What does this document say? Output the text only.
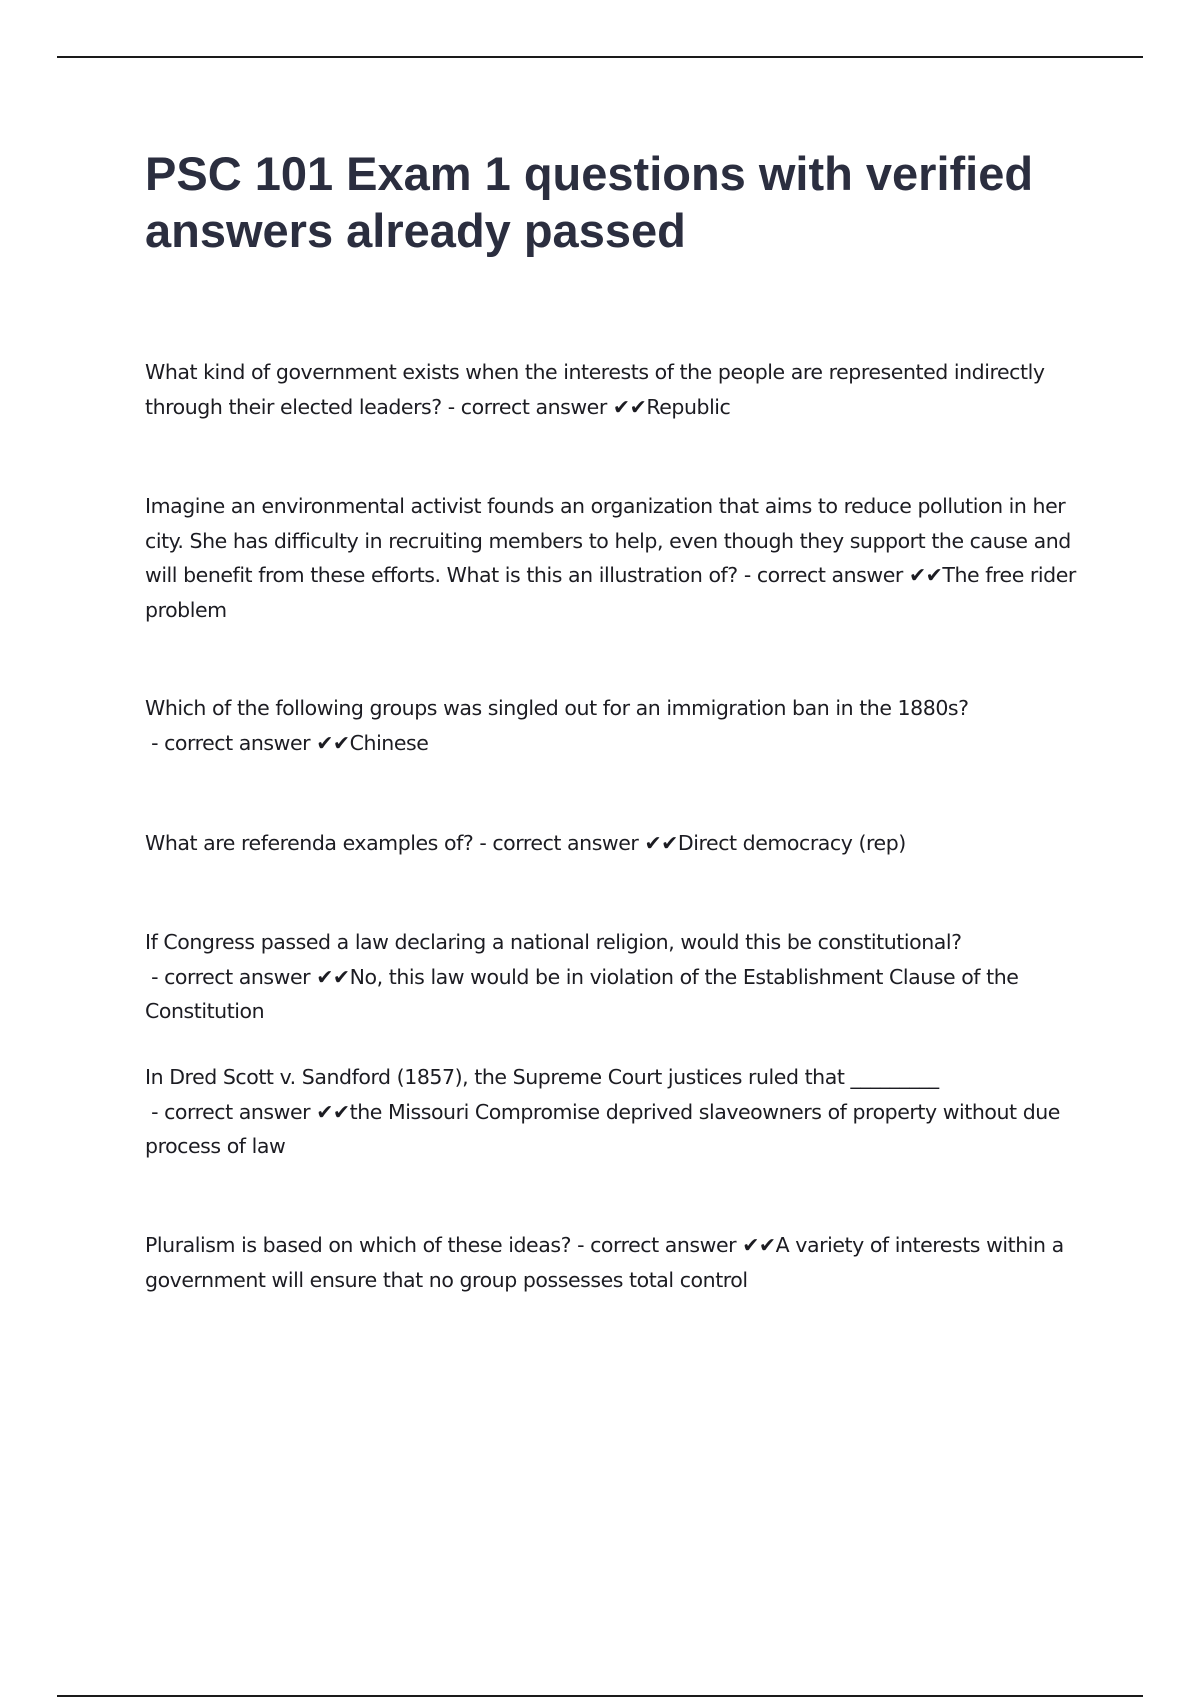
PSC 101 Exam 1 questions with verified answers already passed

What kind of government exists when the interests of the people are represented indirectly through their elected leaders? - correct answer ✔✔Republic

Imagine an environmental activist founds an organization that aims to reduce pollution in her city. She has difficulty in recruiting members to help, even though they support the cause and will benefit from these efforts. What is this an illustration of? - correct answer ✔✔The free rider problem

Which of the following groups was singled out for an immigration ban in the 1880s? - correct answer ✔✔Chinese

What are referenda examples of? - correct answer ✔✔Direct democracy (rep)

If Congress passed a law declaring a national religion, would this be constitutional? - correct answer ✔✔No, this law would be in violation of the Establishment Clause of the Constitution

In Dred Scott v. Sandford (1857), the Supreme Court justices ruled that _________ - correct answer ✔✔the Missouri Compromise deprived slaveowners of property without due process of law

Pluralism is based on which of these ideas? - correct answer ✔✔A variety of interests within a government will ensure that no group possesses total control
